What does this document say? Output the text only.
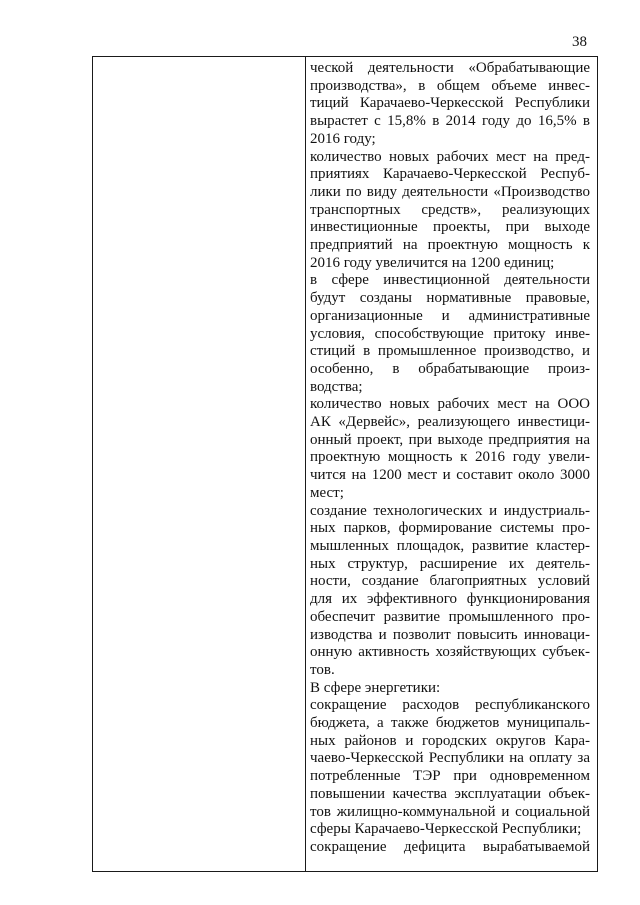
38
ческой деятельности «Обрабатывающие
производства», в общем объеме инвес-
тиций Карачаево-Черкесской Республики
вырастет с 15,8% в 2014 году до 16,5% в
2016 году;
количество новых рабочих мест на пред-
приятиях Карачаево-Черкесской Респуб-
лики по виду деятельности «Производство
транспортных средств», реализующих
инвестиционные проекты, при выходе
предприятий на проектную мощность к
2016 году увеличится на 1200 единиц;
в сфере инвестиционной деятельности
будут созданы нормативные правовые,
организационные и административные
условия, способствующие притоку инве-
стиций в промышленное производство, и
особенно, в обрабатывающие произ-
водства;
количество новых рабочих мест на ООО
АК «Дервейс», реализующего инвестици-
онный проект, при выходе предприятия на
проектную мощность к 2016 году увели-
чится на 1200 мест и составит около 3000
мест;
создание технологических и индустриаль-
ных парков, формирование системы про-
мышленных площадок, развитие кластер-
ных структур, расширение их деятель-
ности, создание благоприятных условий
для их эффективного функционирования
обеспечит развитие промышленного про-
изводства и позволит повысить инноваци-
онную активность хозяйствующих субъек-
тов.
В сфере энергетики:
сокращение расходов республиканского
бюджета, а также бюджетов муниципаль-
ных районов и городских округов Кара-
чаево-Черкесской Республики на оплату за
потребленные ТЭР при одновременном
повышении качества эксплуатации объек-
тов жилищно-коммунальной и социальной
сферы Карачаево-Черкесской Республики;
сокращение дефицита вырабатываемой
